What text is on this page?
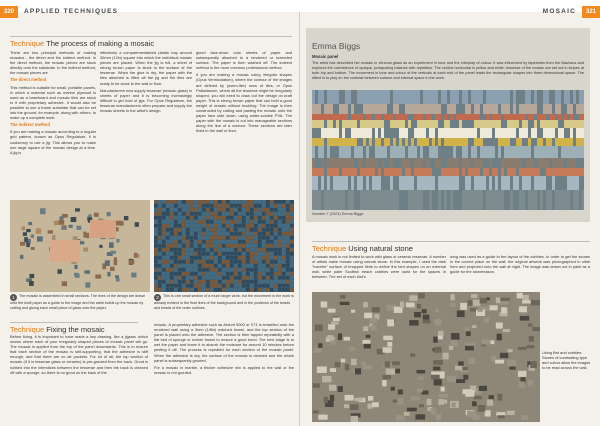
320 APPLIED TECHNIQUES	MOSAIC 321
Technique The process of making a mosaic

There are two principal methods of making mosaics - the direct and the indirect method. In the direct method, the mosaic pieces are stuck directly onto the substrate. In the indirect method, the mosaic pieces are

The direct method

This method is suitable for small, portable panels, in which a material such as marine plywood is used as a baseboard and mosaic tiles are stuck to it with proprietary adhesive. It would also be possible to use a frame substrate that can be set into the ground, for example, along with others, to make up a complete work.

The indirect method

If you are making a mosaic according to a regular grid pattern, known as Opus Regulatum, it is customary to use a jig. This allows you to make one large square of the mosaic design at a time. A jig is

effectively a compartmentalized plastic tray around 30mm (12in) square into which the individual mosaic pieces are placed. When the jig is full, a sheet of strong brown paper is stuck to the surface of the tesserae. When the glue is dry, the paper with the tiles attached is lifted off the jig and the tiles are ready to be stuck to the wall or floor.

Manufacturers now supply tesserae (mosaic glass) in sheets of paper and it is becoming increasingly difficult to get hold of jigs. For Opus Regulatum, the tesserae manufacturers often prepare and supply the mosaic sheets to the artist's design.

glued face-down onto sheets of paper and subsequently attached to a rendered or screeded surface. The paper is then washed off. The indirect method is the more common professional method.

If you are making a mosaic using irregular shapes (Opus Vermiculatum), where the contour of the images are defined by (worm-like) rows of tiles, or Opus Palladianum, where all the tesserae might be irregularly shaped, you will need to draw out the design on kraft paper. This is strong brown paper that can hold a good weight of mosaic without buckling. The image is then constructed by cutting and pasting the mosaic onto the paper face side down, using water-soluble PVA. The paper with the mosaic is cut into manageable sections along the line of a contour. These sections are later fixed to the wall or floor.

1 The mosaic is assembled in small sections. The lines of the design are drawn onto the kraft paper as a guide to the image and the artist builds up the mosaic by cutting and gluing each small piece of glass onto the paper.
2 This is one small section of a much larger work, but the movement in the work is already evident in the fluid lines of the background and in the positions of the beads and beads of the outer outlines.
Technique Fixing the mosaic

Before fixing, it is important to have made a key drawing, like a jigsaw, which shows where each of your irregularly shaped pieces of mosaic panel will go. The mosaic is applied from the top of the panel downwards. This is to ensure that each section of the mosaic is self-supporting, that the adhesive is stiff enough, and that there are no air pockets. For lot of all, the top section of mosaic (if it is tesserae glass or ceramic) is pre-grouted from the back. Grout is rubbed into the interstices between the tesserae and then the back is cleaned off with a sponge, so there is no grout on the back of the

mosaic. A proprietary adhesive such as Ardurit 5000 or X71 is trowelled onto the rendered wall using a 3mm (1/8in) notched trowel, and the top section of the panel is placed onto the adhesive. The section is then tapped repeatedly with a flat bed of sponge or rubber trowel to ensure a good bond. The next stage is to wet the paper and leave it to absorb the moisture for around 10 minutes before peeling it off. The process is repeated for each section of the mosaic panel. When the adhesive is dry, the surface of the mosaic is cleaned and the whole panel is subsequently grouted.

For a mosaic in marble, a thicker adhesive mix is applied to the wall or the mosaic is not grouted.

Emma Biggs
Mosaic panel
The artist has described her mosaic in vitreous glass as an experiment in tone and the interplay of colour. It was influenced by tapestries from the Bauhaus and explores the coexistence of opaque, juxtaposing balance with repetition. The central horizontal is yellow and white; tesserae of the mosaic are set out in stripes at both top and bottom. The movement in tone and colour of the verticals at each end of the panel leads the rectangular shapes into three-dimensional space. The effect is to play on the contrast between surface and internal space in the work.
Number 7 (2001) Emma Biggs
Technique Using natural stone

A mosaic work is not limited to work with glass or ceramic tesserae. A number of artists make mosaic using natural stone. In this example, I used the dark "traveler" surface of knapped flints to define the bird shapes on an external wall, while paler Scottish beach cobbles were used for the spaces in between. The set of each bird's

wing was used as a guide to the layout of the cobbles. In order to get the stones in the correct place on the wall, the original artwork was photographed in slide form and projected onto the wall at night. The image was drawn out in paint as a guide for the stonemason.

Using flint and cobbles: Stones of contrasting type and colour allow the images to be read across the wall.
